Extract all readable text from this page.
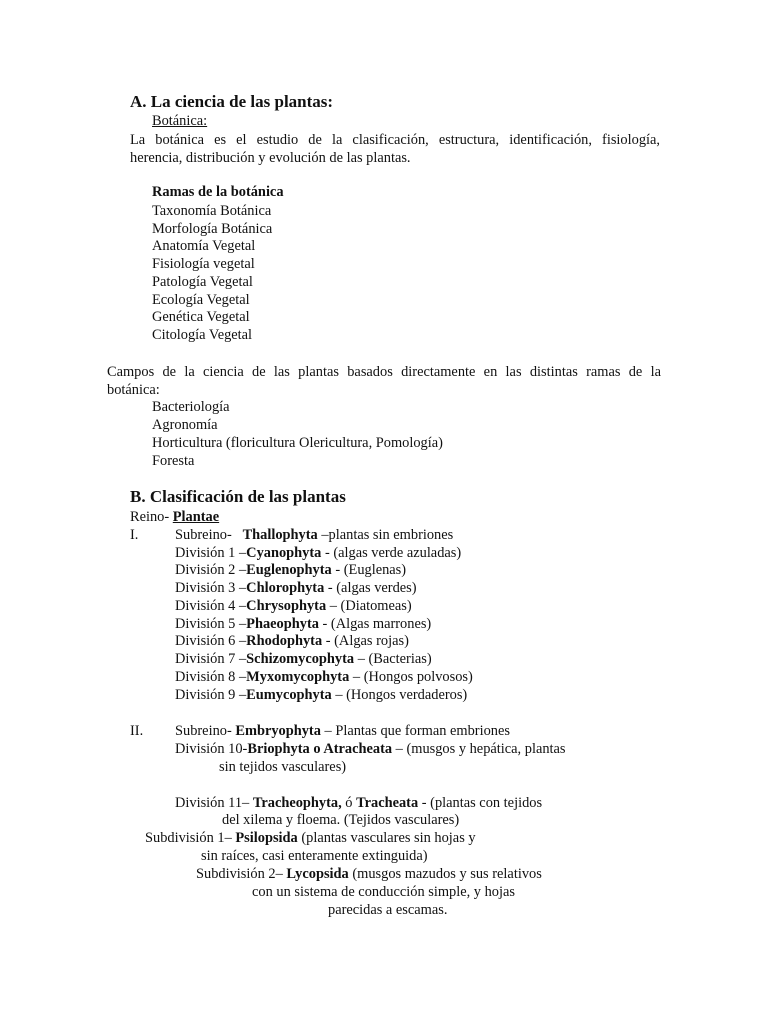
A. La ciencia de las plantas:
Botánica:
La botánica es el estudio de la clasificación, estructura, identificación, fisiología,
herencia, distribución y evolución de las plantas.
Ramas de la botánica
Taxonomía Botánica
Morfología Botánica
Anatomía Vegetal
Fisiología vegetal
Patología Vegetal
Ecología Vegetal
Genética Vegetal
Citología Vegetal
Campos de la ciencia de las plantas basados directamente en las distintas ramas de la
botánica:
Bacteriología
Agronomía
Horticultura (floricultura Olericultura, Pomología)
Foresta
B. Clasificación de las plantas
Reino- Plantae
I.	Subreino-   Thallophyta –plantas sin embriones
División 1 –Cyanophyta - (algas verde azuladas)
División 2 –Euglenophyta - (Euglenas)
División 3 –Chlorophyta - (algas verdes)
División 4 –Chrysophyta – (Diatomeas)
División 5 –Phaeophyta - (Algas marrones)
División 6 –Rhodophyta - (Algas rojas)
División 7 –Schizomycophyta – (Bacterias)
División 8 –Myxomycophyta – (Hongos polvosos)
División 9 –Eumycophyta – (Hongos verdaderos)
II. Subreino- Embryophyta – Plantas que forman embriones
División 10-Briophyta o Atracheata – (musgos y hepática, plantas
sin tejidos vasculares)
División 11– Tracheophyta, ó Tracheata - (plantas con tejidos
del xilema y floema. (Tejidos vasculares)
Subdivisión 1– Psilopsida (plantas vasculares sin hojas y
sin raíces, casi enteramente extinguida)
Subdivisión 2– Lycopsida (musgos mazudos y sus relativos
con un sistema de conducción simple, y hojas
parecidas a escamas.
